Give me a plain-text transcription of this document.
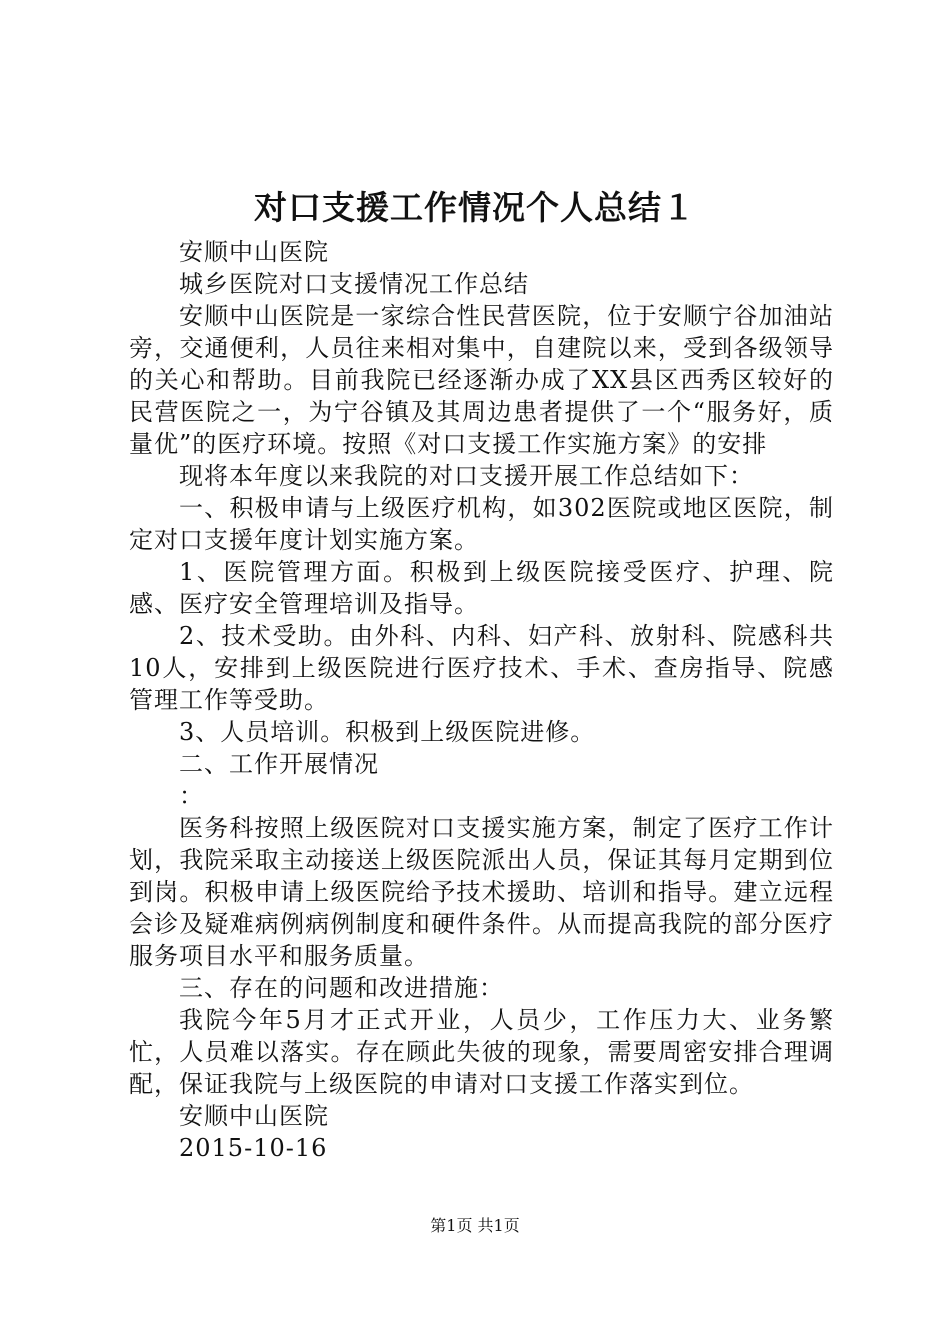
对口支援工作情况个人总结１

安顺中山医院

城乡医院对口支援情况工作总结

安顺中山医院是一家综合性民营医院，位于安顺宁谷加油站旁，交通便利，人员往来相对集中，自建院以来，受到各级领导的关心和帮助。目前我院已经逐渐办成了XX县区西秀区较好的民营医院之一，为宁谷镇及其周边患者提供了一个“服务好，质量优”的医疗环境。按照《对口支援工作实施方案》的安排

现将本年度以来我院的对口支援开展工作总结如下：

一、积极申请与上级医疗机构，如302医院或地区医院，制定对口支援年度计划实施方案。

1、医院管理方面。积极到上级医院接受医疗、护理、院感、医疗安全管理培训及指导。

2、技术受助。由外科、内科、妇产科、放射科、院感科共10人，安排到上级医院进行医疗技术、手术、查房指导、院感管理工作等受助。

3、人员培训。积极到上级医院进修。

二、工作开展情况

：

医务科按照上级医院对口支援实施方案，制定了医疗工作计划，我院采取主动接送上级医院派出人员，保证其每月定期到位到岗。积极申请上级医院给予技术援助、培训和指导。建立远程会诊及疑难病例病例制度和硬件条件。从而提高我院的部分医疗服务项目水平和服务质量。

三、存在的问题和改进措施：

我院今年5月才正式开业，人员少，工作压力大、业务繁忙，人员难以落实。存在顾此失彼的现象，需要周密安排合理调配，保证我院与上级医院的申请对口支援工作落实到位。

安顺中山医院

2015-10-16

第1页 共1页
